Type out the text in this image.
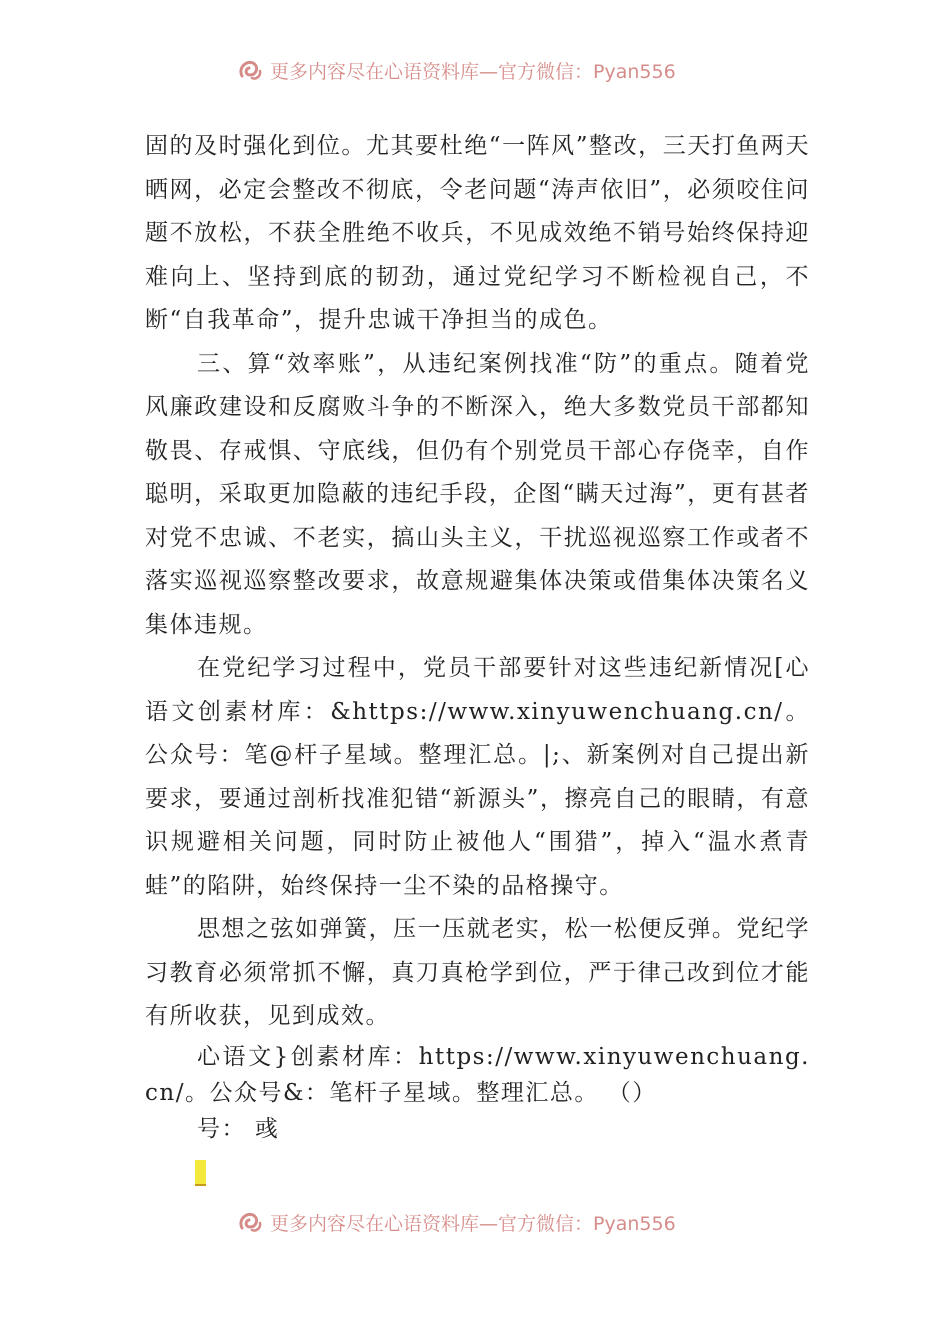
更多内容尽在心语资料库—官方微信：Pyan556

固的及时强化到位。尤其要杜绝“一阵风”整改，三天打鱼两天晒网，必定会整改不彻底，令老问题“涛声依旧”，必须咬住问题不放松，不获全胜绝不收兵，不见成效绝不销号始终保持迎难向上、坚持到底的韧劲，通过党纪学习不断检视自己，不断“自我革命”，提升忠诚干净担当的成色。

三、算“效率账”，从违纪案例找准“防”的重点。随着党风廉政建设和反腐败斗争的不断深入，绝大多数党员干部都知敬畏、存戒惧、守底线，但仍有个别党员干部心存侥幸，自作聪明，采取更加隐蔽的违纪手段，企图“瞒天过海”，更有甚者对党不忠诚、不老实，搞山头主义，干扰巡视巡察工作或者不落实巡视巡察整改要求，故意规避集体决策或借集体决策名义集体违规。

在党纪学习过程中，党员干部要针对这些违纪新情况[心语文创素材库：&https://www.xinyuwenchuang.cn/。公众号：笔@杆子星域。整理汇总。|;、新案例对自己提出新要求，要通过剖析找准犯错“新源头”，擦亮自己的眼睛，有意识规避相关问题，同时防止被他人“围猎”，掉入“温水煮青蛙”的陷阱，始终保持一尘不染的品格操守。

思想之弦如弹簧，压一压就老实，松一松便反弹。党纪学习教育必须常抓不懈，真刀真枪学到位，严于律己改到位才能有所收获，见到成效。

心语文}创素材库：https://www.xinyuwenchuang.cn/。公众号&：笔杆子星域。整理汇总。 （）

号： 彧

更多内容尽在心语资料库—官方微信：Pyan556
